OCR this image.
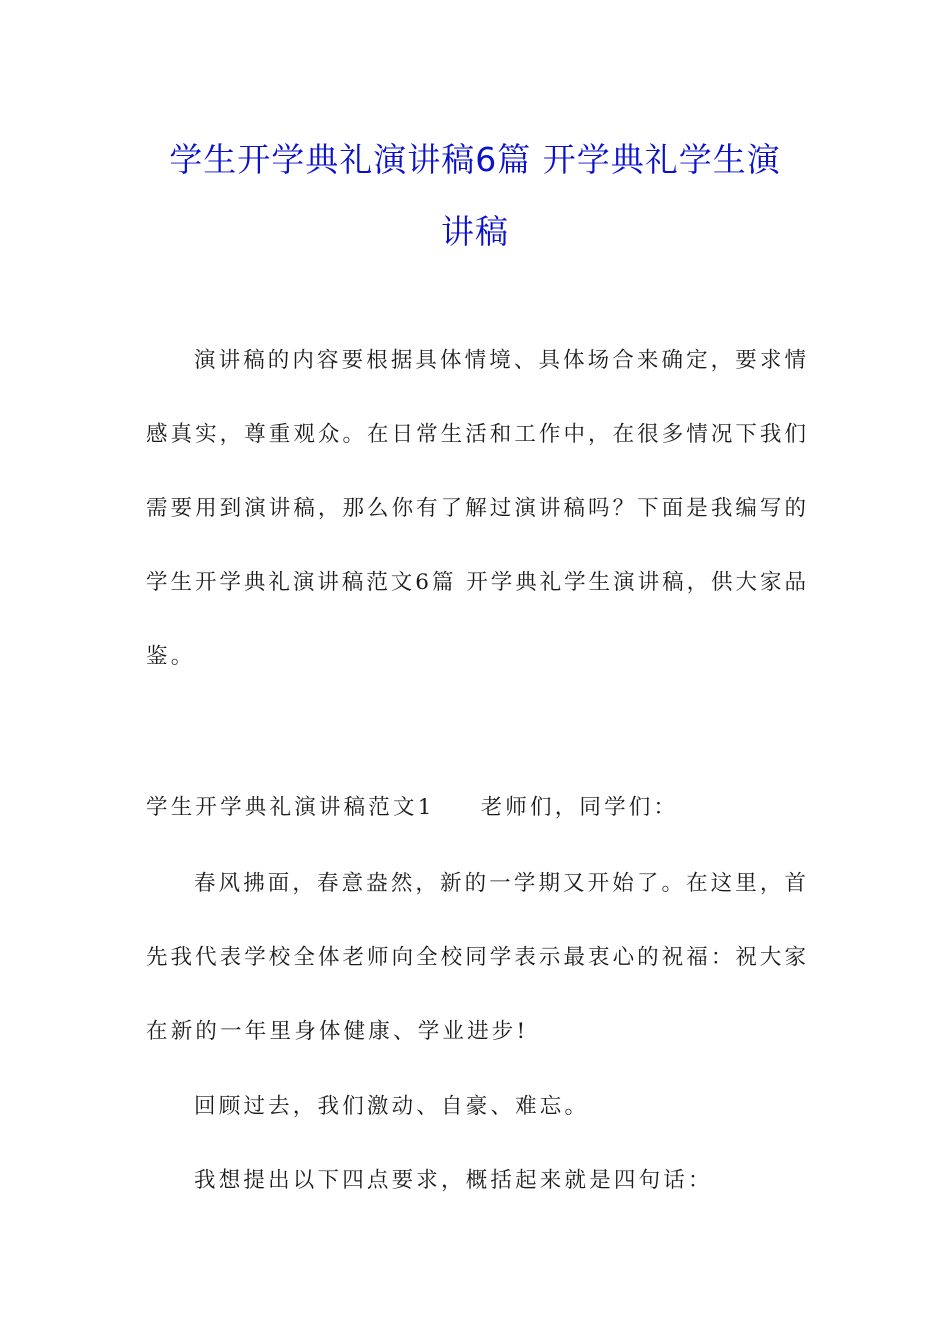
学生开学典礼演讲稿6篇 开学典礼学生演
讲稿
演讲稿的内容要根据具体情境、具体场合来确定，要求情
感真实，尊重观众。在日常生活和工作中，在很多情况下我们
需要用到演讲稿，那么你有了解过演讲稿吗？下面是我编写的
学生开学典礼演讲稿范文6篇 开学典礼学生演讲稿，供大家品
鉴。
学生开学典礼演讲稿范文1 老师们，同学们：
春风拂面，春意盎然，新的一学期又开始了。在这里，首
先我代表学校全体老师向全校同学表示最衷心的祝福：祝大家
在新的一年里身体健康、学业进步!
回顾过去，我们激动、自豪、难忘。
我想提出以下四点要求，概括起来就是四句话：
